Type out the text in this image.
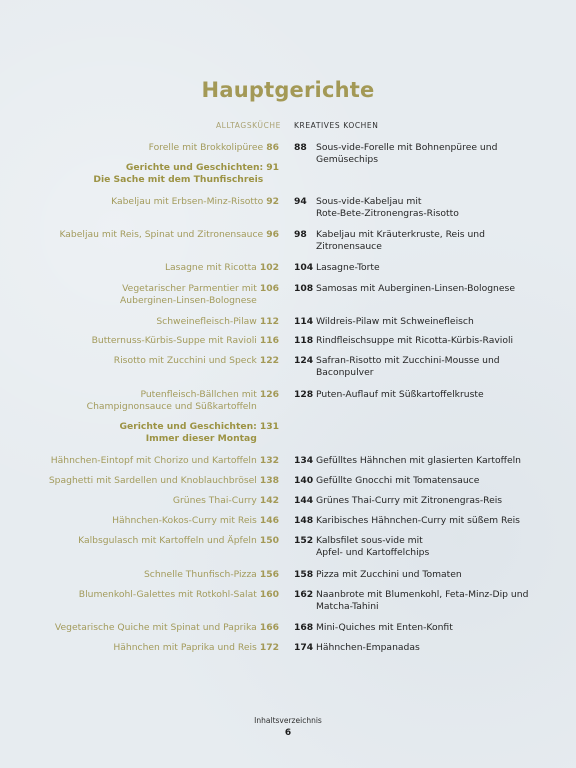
Hauptgerichte
ALLTAGSKÜCHE KREATIVES KOCHEN
Forelle mit Brokkolipüree 86 88 Sous-vide-Forelle mit Bohnenpüree und
Gemüsechips
Gerichte und Geschichten: 91
Die Sache mit dem Thunfischreis
Kabeljau mit Erbsen-Minz-Risotto 92 94 Sous-vide-Kabeljau mit
Rote-Bete-Zitronengras-Risotto
Kabeljau mit Reis, Spinat und Zitronensauce 96 98 Kabeljau mit Kräuterkruste, Reis und
Zitronensauce
Lasagne mit Ricotta 102 104 Lasagne-Torte
Vegetarischer Parmentier mit 106
Auberginen-Linsen-Bolognese
108 Samosas mit Auberginen-Linsen-Bolognese
Schweinefleisch-Pilaw 112 114 Wildreis-Pilaw mit Schweinefleisch
Butternuss-Kürbis-Suppe mit Ravioli 116 118 Rindfleischsuppe mit Ricotta-Kürbis-Ravioli
Risotto mit Zucchini und Speck 122 124 Safran-Risotto mit Zucchini-Mousse und
Baconpulver
Putenfleisch-Bällchen mit 126
Champignonsauce und Süßkartoffeln
128 Puten-Auflauf mit Süßkartoffelkruste
Gerichte und Geschichten: 131
Immer dieser Montag
Hähnchen-Eintopf mit Chorizo und Kartoffeln 132 134 Gefülltes Hähnchen mit glasierten Kartoffeln
Spaghetti mit Sardellen und Knoblauchbrösel 138 140 Gefüllte Gnocchi mit Tomatensauce
Grünes Thai-Curry 142 144 Grünes Thai-Curry mit Zitronengras-Reis
Hähnchen-Kokos-Curry mit Reis 146 148 Karibisches Hähnchen-Curry mit süßem Reis
Kalbsgulasch mit Kartoffeln und Äpfeln 150 152 Kalbsfilet sous-vide mit
Apfel- und Kartoffelchips
Schnelle Thunfisch-Pizza 156 158 Pizza mit Zucchini und Tomaten
Blumenkohl-Galettes mit Rotkohl-Salat 160 162 Naanbrote mit Blumenkohl, Feta-Minz-Dip und
Matcha-Tahini
Vegetarische Quiche mit Spinat und Paprika 166 168 Mini-Quiches mit Enten-Konfit
Hähnchen mit Paprika und Reis 172 174 Hähnchen-Empanadas
Inhaltsverzeichnis
6
